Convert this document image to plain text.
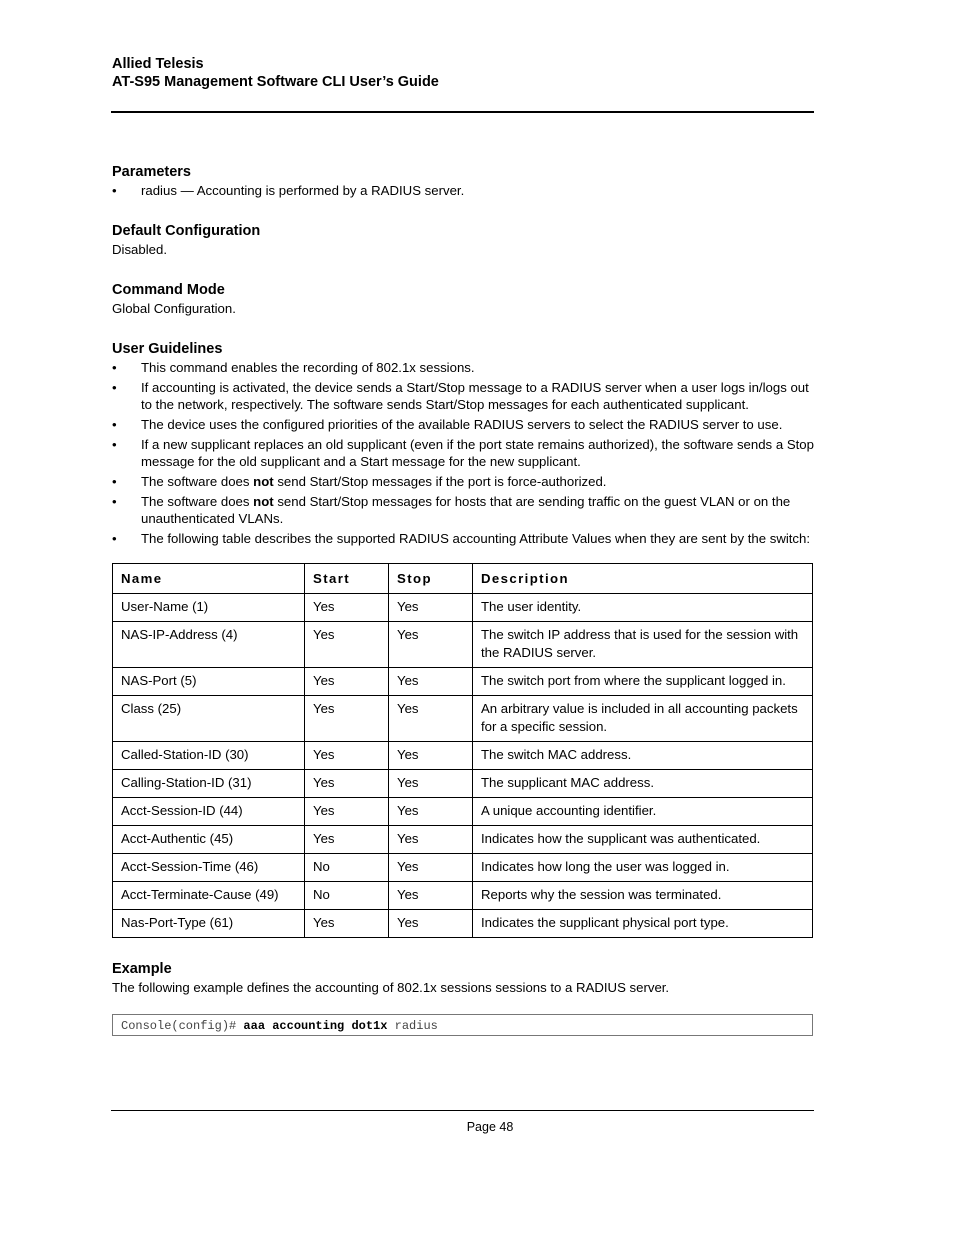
Allied Telesis
AT-S95 Management Software CLI User’s Guide
Parameters
• radius — Accounting is performed by a RADIUS server.
Default Configuration

Disabled.

Command Mode

Global Configuration.

User Guidelines
• This command enables the recording of 802.1x sessions.
• If accounting is activated, the device sends a Start/Stop message to a RADIUS server when a user logs in/logs out to the network, respectively. The software sends Start/Stop messages for each authenticated supplicant.
• The device uses the configured priorities of the available RADIUS servers to select the RADIUS server to use.
• If a new supplicant replaces an old supplicant (even if the port state remains authorized), the software sends a Stop message for the old supplicant and a Start message for the new supplicant.
• The software does not send Start/Stop messages if the port is force-authorized.
• The software does not send Start/Stop messages for hosts that are sending traffic on the guest VLAN or on the unauthenticated VLANs.
• The following table describes the supported RADIUS accounting Attribute Values when they are sent by the switch:
Name	Start	Stop	Description
User-Name (1)	Yes	Yes	The user identity.
NAS-IP-Address (4)	Yes	Yes	The switch IP address that is used for the session with the RADIUS server.
NAS-Port (5)	Yes	Yes	The switch port from where the supplicant logged in.
Class (25)	Yes	Yes	An arbitrary value is included in all accounting packets for a specific session.
Called-Station-ID (30)	Yes	Yes	The switch MAC address.
Calling-Station-ID (31)	Yes	Yes	The supplicant MAC address.
Acct-Session-ID (44)	Yes	Yes	A unique accounting identifier.
Acct-Authentic (45)	Yes	Yes	Indicates how the supplicant was authenticated.
Acct-Session-Time (46)	No	Yes	Indicates how long the user was logged in.
Acct-Terminate-Cause (49)	No	Yes	Reports why the session was terminated.
Nas-Port-Type (61)	Yes	Yes	Indicates the supplicant physical port type.
Example

The following example defines the accounting of 802.1x sessions sessions to a RADIUS server.

Console(config)# aaa accounting dot1x radius
Page 48
